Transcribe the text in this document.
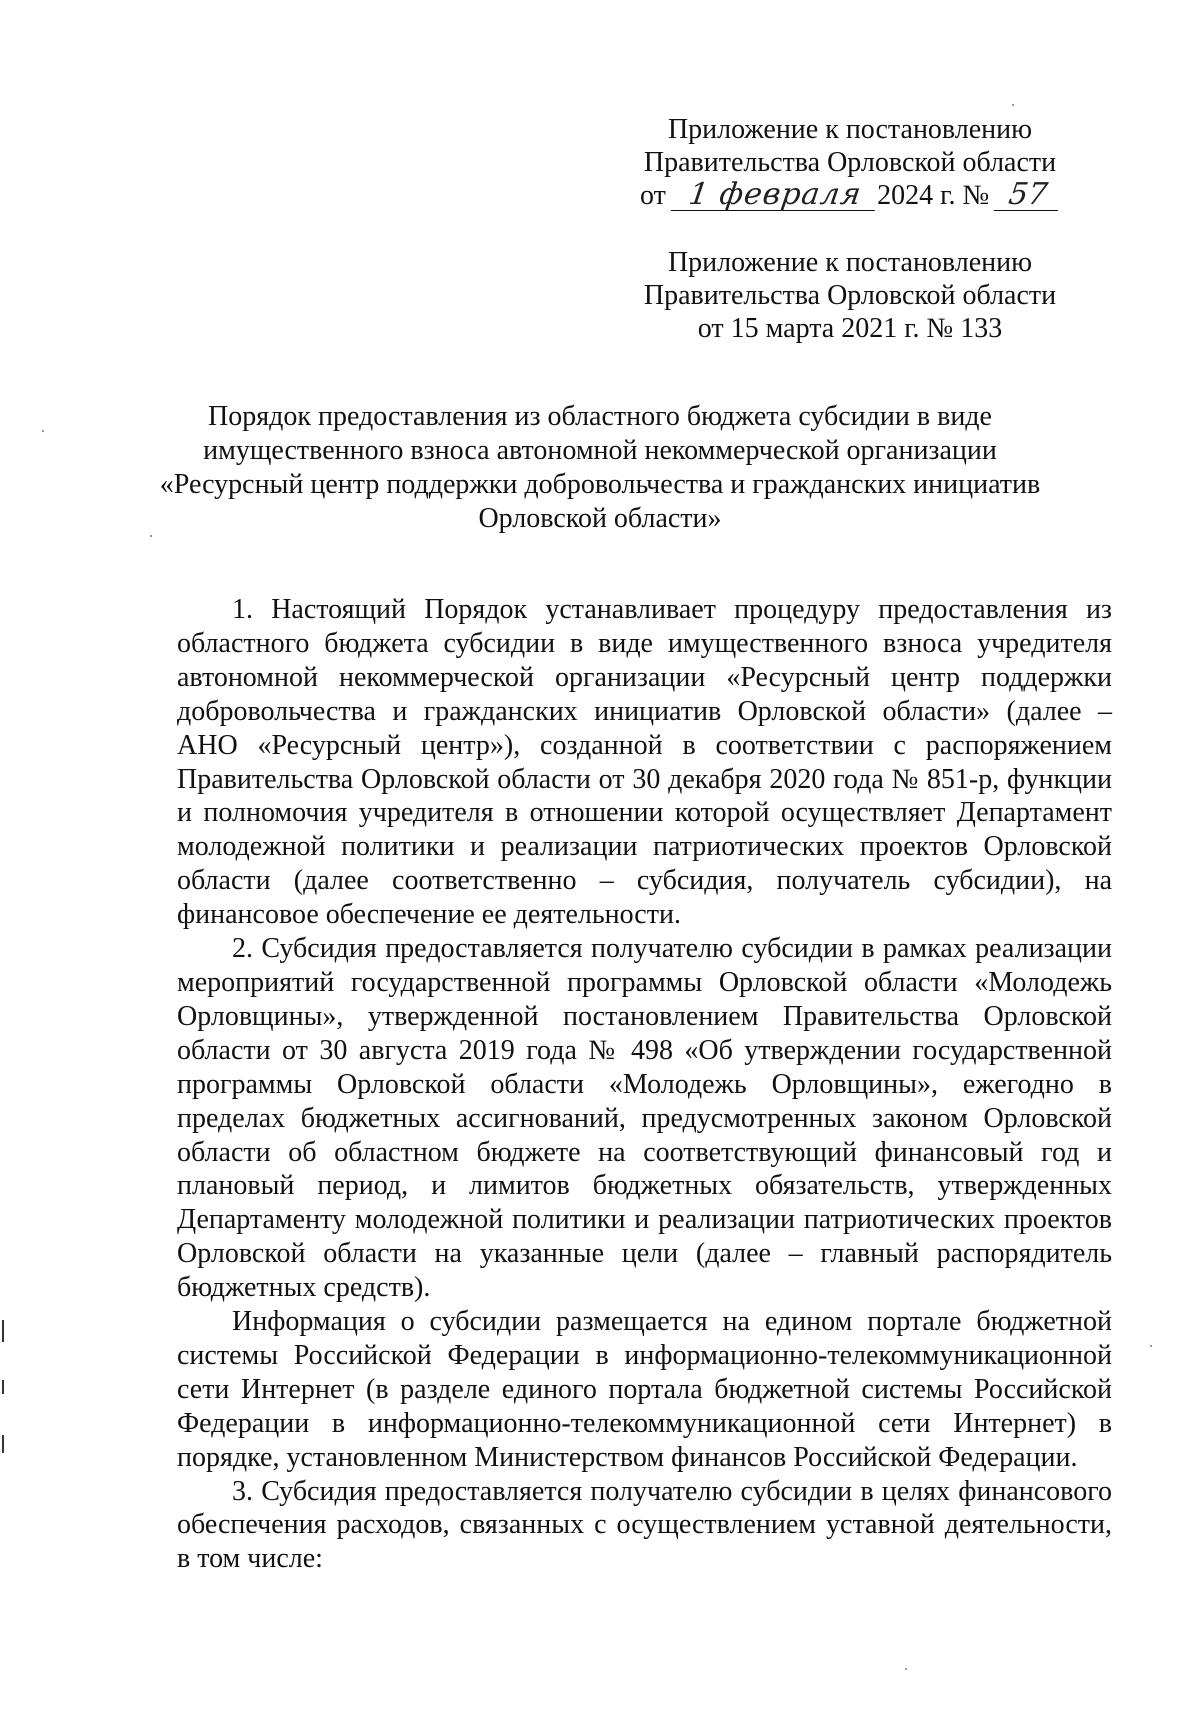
Приложение к постановлению
Правительства Орловской области
от
1 февраля 2024 г. №
57
Приложение к постановлению
Правительства Орловской области
от 15 марта 2021 г. № 133
Порядок предоставления из областного бюджета субсидии в виде
имущественного взноса автономной некоммерческой организации
«Ресурсный центр поддержки добровольчества и гражданских инициатив
Орловской области»

1. Настоящий Порядок устанавливает процедуру предоставления из областного бюджета субсидии в виде имущественного взноса учредителя автономной некоммерческой организации «Ресурсный центр поддержки добровольчества и гражданских инициатив Орловской области» (далее – АНО «Ресурсный центр»), созданной в соответствии с распоряжением Правительства Орловской области от 30 декабря 2020 года № 851-р, функции и полномочия учредителя в отношении которой осуществляет Департамент молодежной политики и реализации патриотических проектов Орловской области (далее соответственно – субсидия, получатель субсидии), на финансовое обеспечение ее деятельности.

2. Субсидия предоставляется получателю субсидии в рамках реализации мероприятий государственной программы Орловской области «Молодежь Орловщины», утвержденной постановлением Правительства Орловской области от 30 августа 2019 года № 498 «Об утверждении государственной программы Орловской области «Молодежь Орловщины», ежегодно в пределах бюджетных ассигнований, предусмотренных законом Орловской области об областном бюджете на соответствующий финансовый год и плановый период, и лимитов бюджетных обязательств, утвержденных Департаменту молодежной политики и реализации патриотических проектов Орловской области на указанные цели (далее – главный распорядитель бюджетных средств).

Информация о субсидии размещается на едином портале бюджетной системы Российской Федерации в информационно-телекоммуникационной сети Интернет (в разделе единого портала бюджетной системы Российской Федерации в информационно-телекоммуникационной сети Интернет) в порядке, установленном Министерством финансов Российской Федерации.

3. Субсидия предоставляется получателю субсидии в целях финансового обеспечения расходов, связанных с осуществлением уставной деятельности, в том числе:
